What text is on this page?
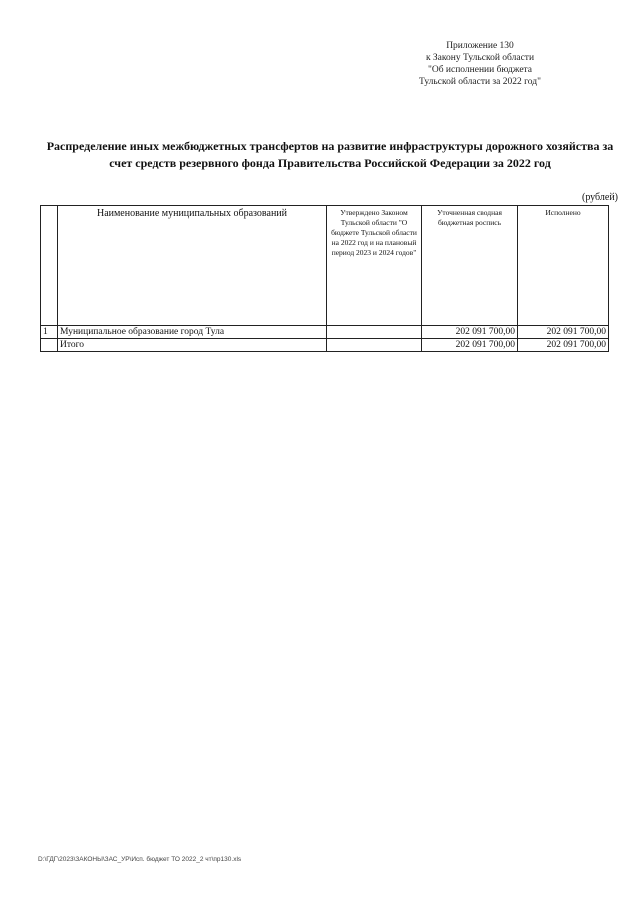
Приложение 130
к Закону Тульской области
"Об исполнении бюджета
Тульской области за 2022 год"
Распределение иных межбюджетных трансфертов на развитие инфраструктуры дорожного хозяйства за
счет средств резервного фонда Правительства Российской Федерации за 2022 год
(рублей)
	Наименование муниципальных образований	Утверждено Законом Тульской области "О бюджете Тульской области на 2022 год и на плановый период 2023 и 2024 годов"	Уточненная сводная бюджетная роспись	Исполнено
1	Муниципальное образование город Тула		202 091 700,00	202 091 700,00
	Итого		202 091 700,00	202 091 700,00
D:\ГДГ\2023\ЗАКОНЫ\ЗАС_УР\Исп. бюджет ТО 2022_2 чт\пр130.xls
